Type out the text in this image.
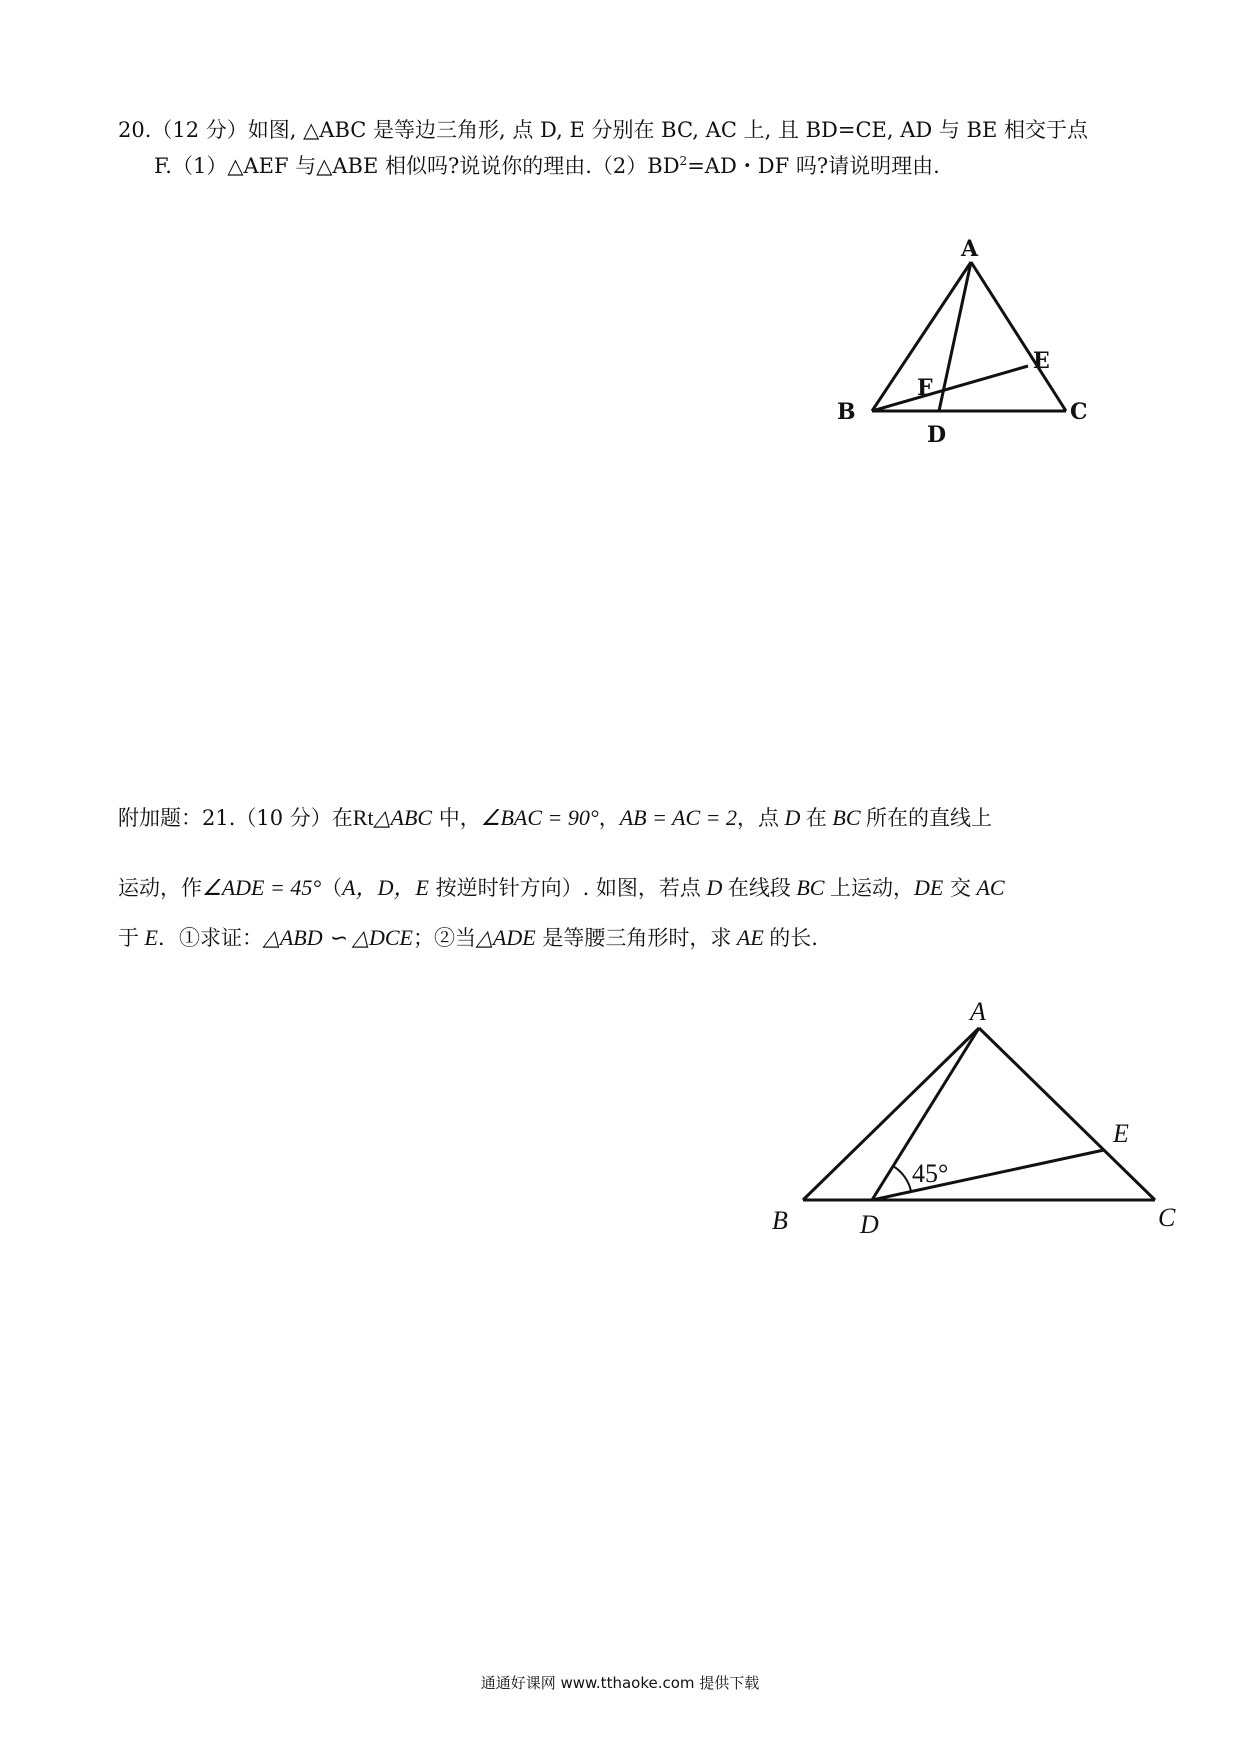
20.（12 分）如图, △ABC 是等边三角形, 点 D, E 分别在 BC, AC 上, 且 BD=CE, AD 与 BE 相交于点
F.（1）△AEF 与△ABE 相似吗?说说你的理由$.(2)BD^2=AD$・DF 吗?请说明理由.
A
B	C
D
E
F
附加题：21.（10 分）在Rt△ABC 中，∠BAC = 90°，AB = AC = 2，点 D 在 BC 所在的直线上
运动，作∠ADE = 45°（A，D，E 按逆时针方向）. 如图，若点 D 在线段 BC 上运动，DE 交 AC
于 E．①求证：△ABD ∽ △DCE；②当△ADE 是等腰三角形时，求 AE 的长.
A
B	C
D
E
45°
通通好课网 www.tthaoke.com 提供下载
